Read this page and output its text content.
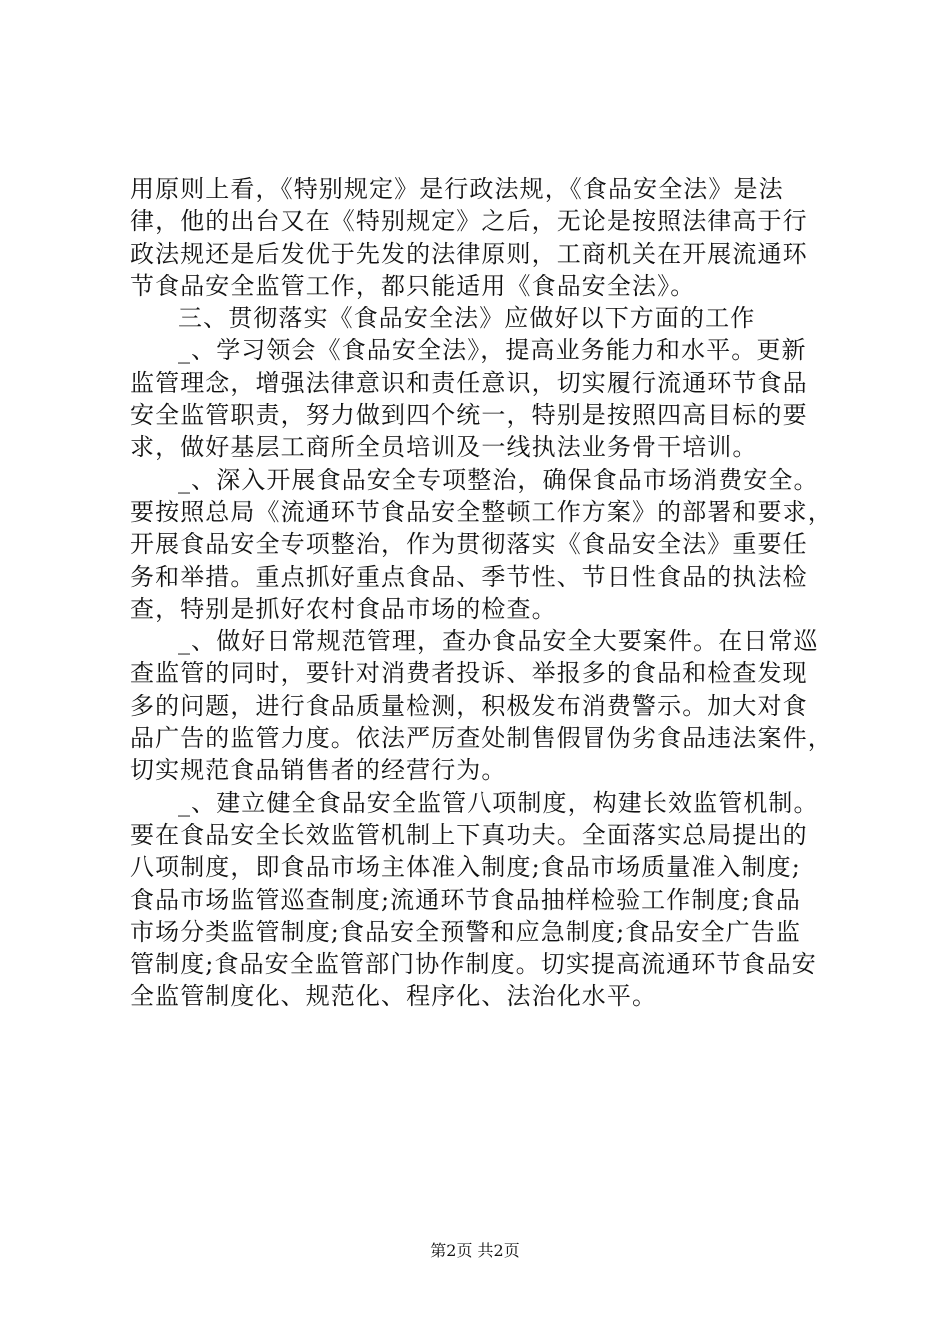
用原则上看，《特别规定》是行政法规，《食品安全法》是法
律，他的出台又在《特别规定》之后，无论是按照法律高于行
政法规还是后发优于先发的法律原则，工商机关在开展流通环
节食品安全监管工作，都只能适用《食品安全法》。
三、贯彻落实《食品安全法》应做好以下方面的工作
_、学习领会《食品安全法》，提高业务能力和水平。更新
监管理念，增强法律意识和责任意识，切实履行流通环节食品
安全监管职责，努力做到四个统一，特别是按照四高目标的要
求，做好基层工商所全员培训及一线执法业务骨干培训。
_、深入开展食品安全专项整治，确保食品市场消费安全。
要按照总局《流通环节食品安全整顿工作方案》的部署和要求，
开展食品安全专项整治，作为贯彻落实《食品安全法》重要任
务和举措。重点抓好重点食品、季节性、节日性食品的执法检
查，特别是抓好农村食品市场的检查。
_、做好日常规范管理，查办食品安全大要案件。在日常巡
查监管的同时，要针对消费者投诉、举报多的食品和检查发现
多的问题，进行食品质量检测，积极发布消费警示。加大对食
品广告的监管力度。依法严厉查处制售假冒伪劣食品违法案件，
切实规范食品销售者的经营行为。
_、建立健全食品安全监管八项制度，构建长效监管机制。
要在食品安全长效监管机制上下真功夫。全面落实总局提出的
八项制度，即食品市场主体准入制度;食品市场质量准入制度;
食品市场监管巡查制度;流通环节食品抽样检验工作制度;食品
市场分类监管制度;食品安全预警和应急制度;食品安全广告监
管制度;食品安全监管部门协作制度。切实提高流通环节食品安
全监管制度化、规范化、程序化、法治化水平。
第2页 共2页
